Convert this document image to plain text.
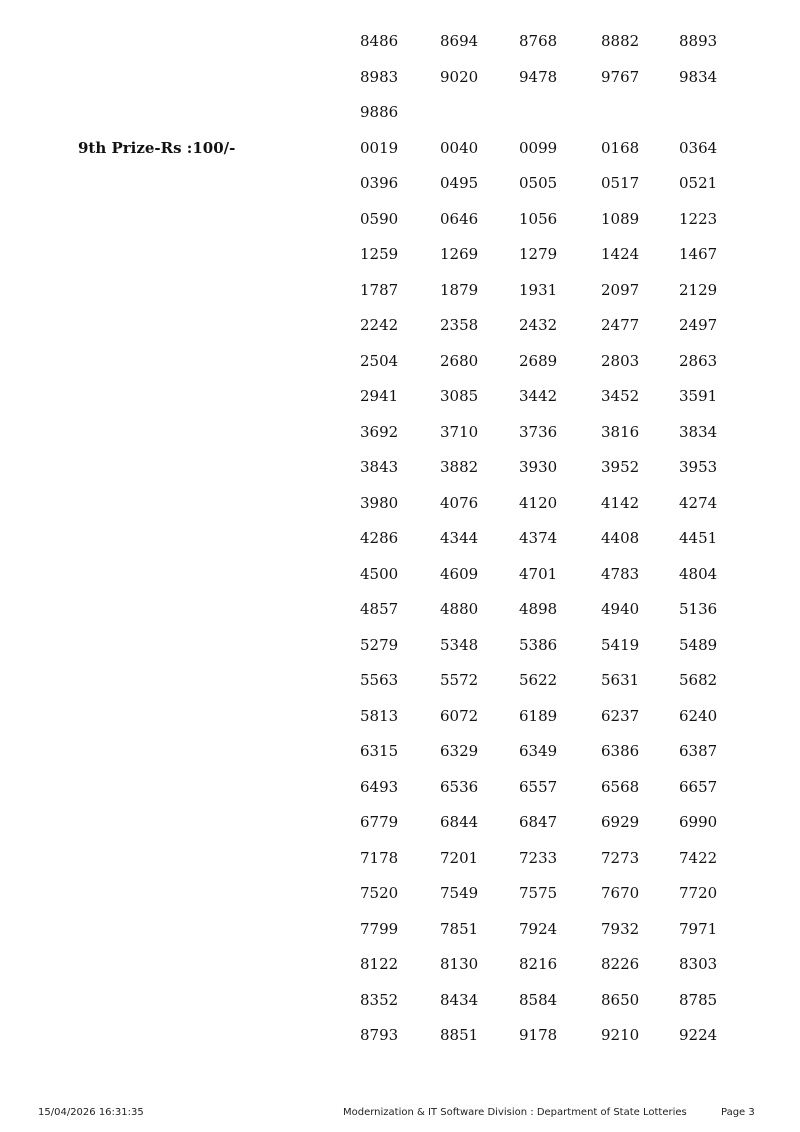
8486	8694	8768	8882	8893
8983	9020	9478	9767	9834
9886
9th Prize-Rs :100/-	0019	0040	0099	0168	0364
0396	0495	0505	0517	0521
0590	0646	1056	1089	1223
1259	1269	1279	1424	1467
1787	1879	1931	2097	2129
2242	2358	2432	2477	2497
2504	2680	2689	2803	2863
2941	3085	3442	3452	3591
3692	3710	3736	3816	3834
3843	3882	3930	3952	3953
3980	4076	4120	4142	4274
4286	4344	4374	4408	4451
4500	4609	4701	4783	4804
4857	4880	4898	4940	5136
5279	5348	5386	5419	5489
5563	5572	5622	5631	5682
5813	6072	6189	6237	6240
6315	6329	6349	6386	6387
6493	6536	6557	6568	6657
6779	6844	6847	6929	6990
7178	7201	7233	7273	7422
7520	7549	7575	7670	7720
7799	7851	7924	7932	7971
8122	8130	8216	8226	8303
8352	8434	8584	8650	8785
8793	8851	9178	9210	9224
15/04/2026 16:31:35	Modernization & IT Software Division : Department of State Lotteries	Page 3
